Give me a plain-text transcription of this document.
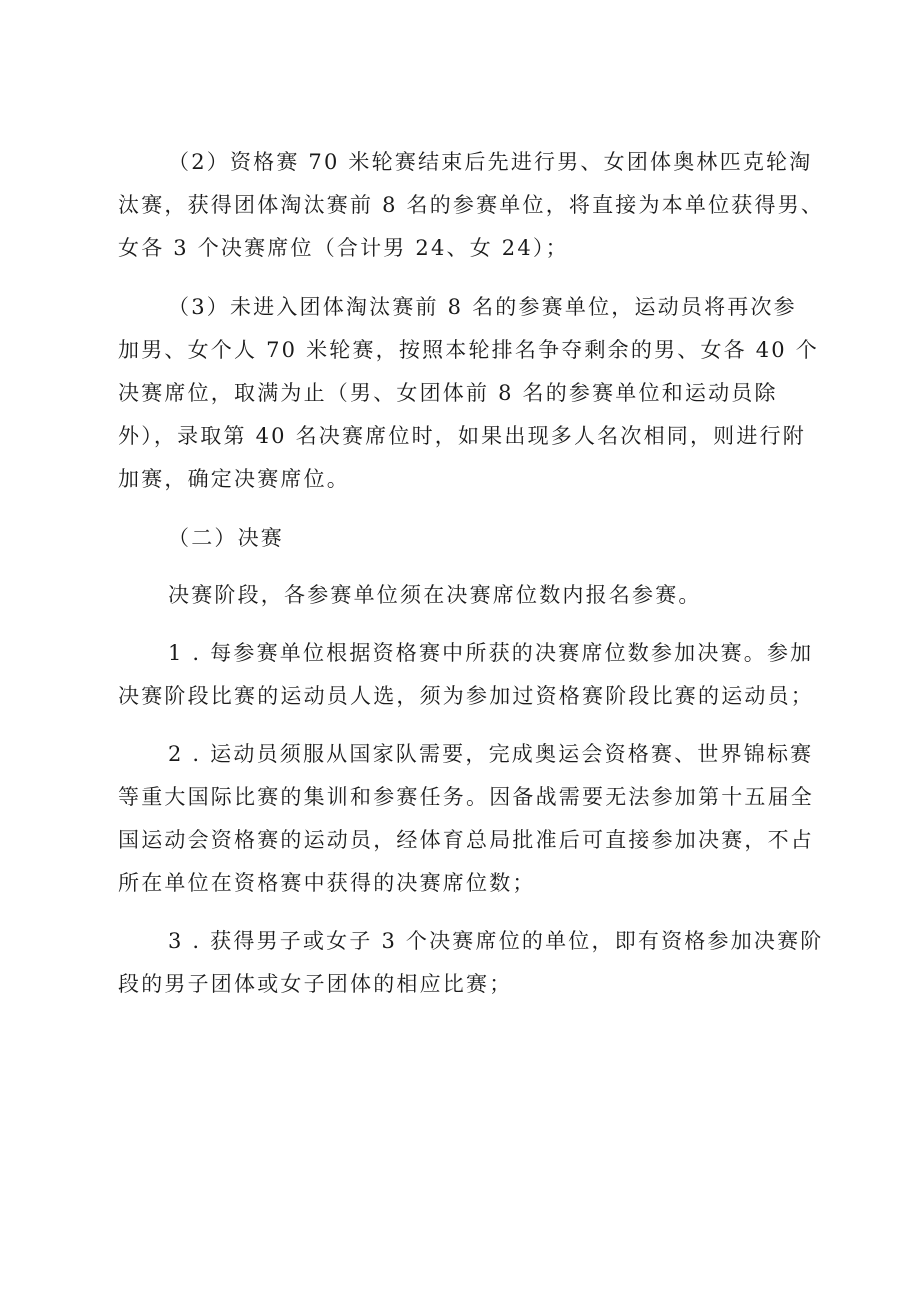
（2）资格赛 70 米轮赛结束后先进行男、女团体奥林匹克轮淘
汰赛，获得团体淘汰赛前 8 名的参赛单位，将直接为本单位获得男、
女各 3 个决赛席位（合计男 24、女 24）；
（3）未进入团体淘汰赛前 8 名的参赛单位，运动员将再次参
加男、女个人 70 米轮赛，按照本轮排名争夺剩余的男、女各 40 个
决赛席位，取满为止（男、女团体前 8 名的参赛单位和运动员除
外），录取第 40 名决赛席位时，如果出现多人名次相同，则进行附
加赛，确定决赛席位。
（二）决赛
决赛阶段，各参赛单位须在决赛席位数内报名参赛。
1 . 每参赛单位根据资格赛中所获的决赛席位数参加决赛。参加
决赛阶段比赛的运动员人选，须为参加过资格赛阶段比赛的运动员；
2 . 运动员须服从国家队需要，完成奥运会资格赛、世界锦标赛
等重大国际比赛的集训和参赛任务。因备战需要无法参加第十五届全
国运动会资格赛的运动员，经体育总局批准后可直接参加决赛，不占
所在单位在资格赛中获得的决赛席位数；
3 . 获得男子或女子 3 个决赛席位的单位，即有资格参加决赛阶
段的男子团体或女子团体的相应比赛；
